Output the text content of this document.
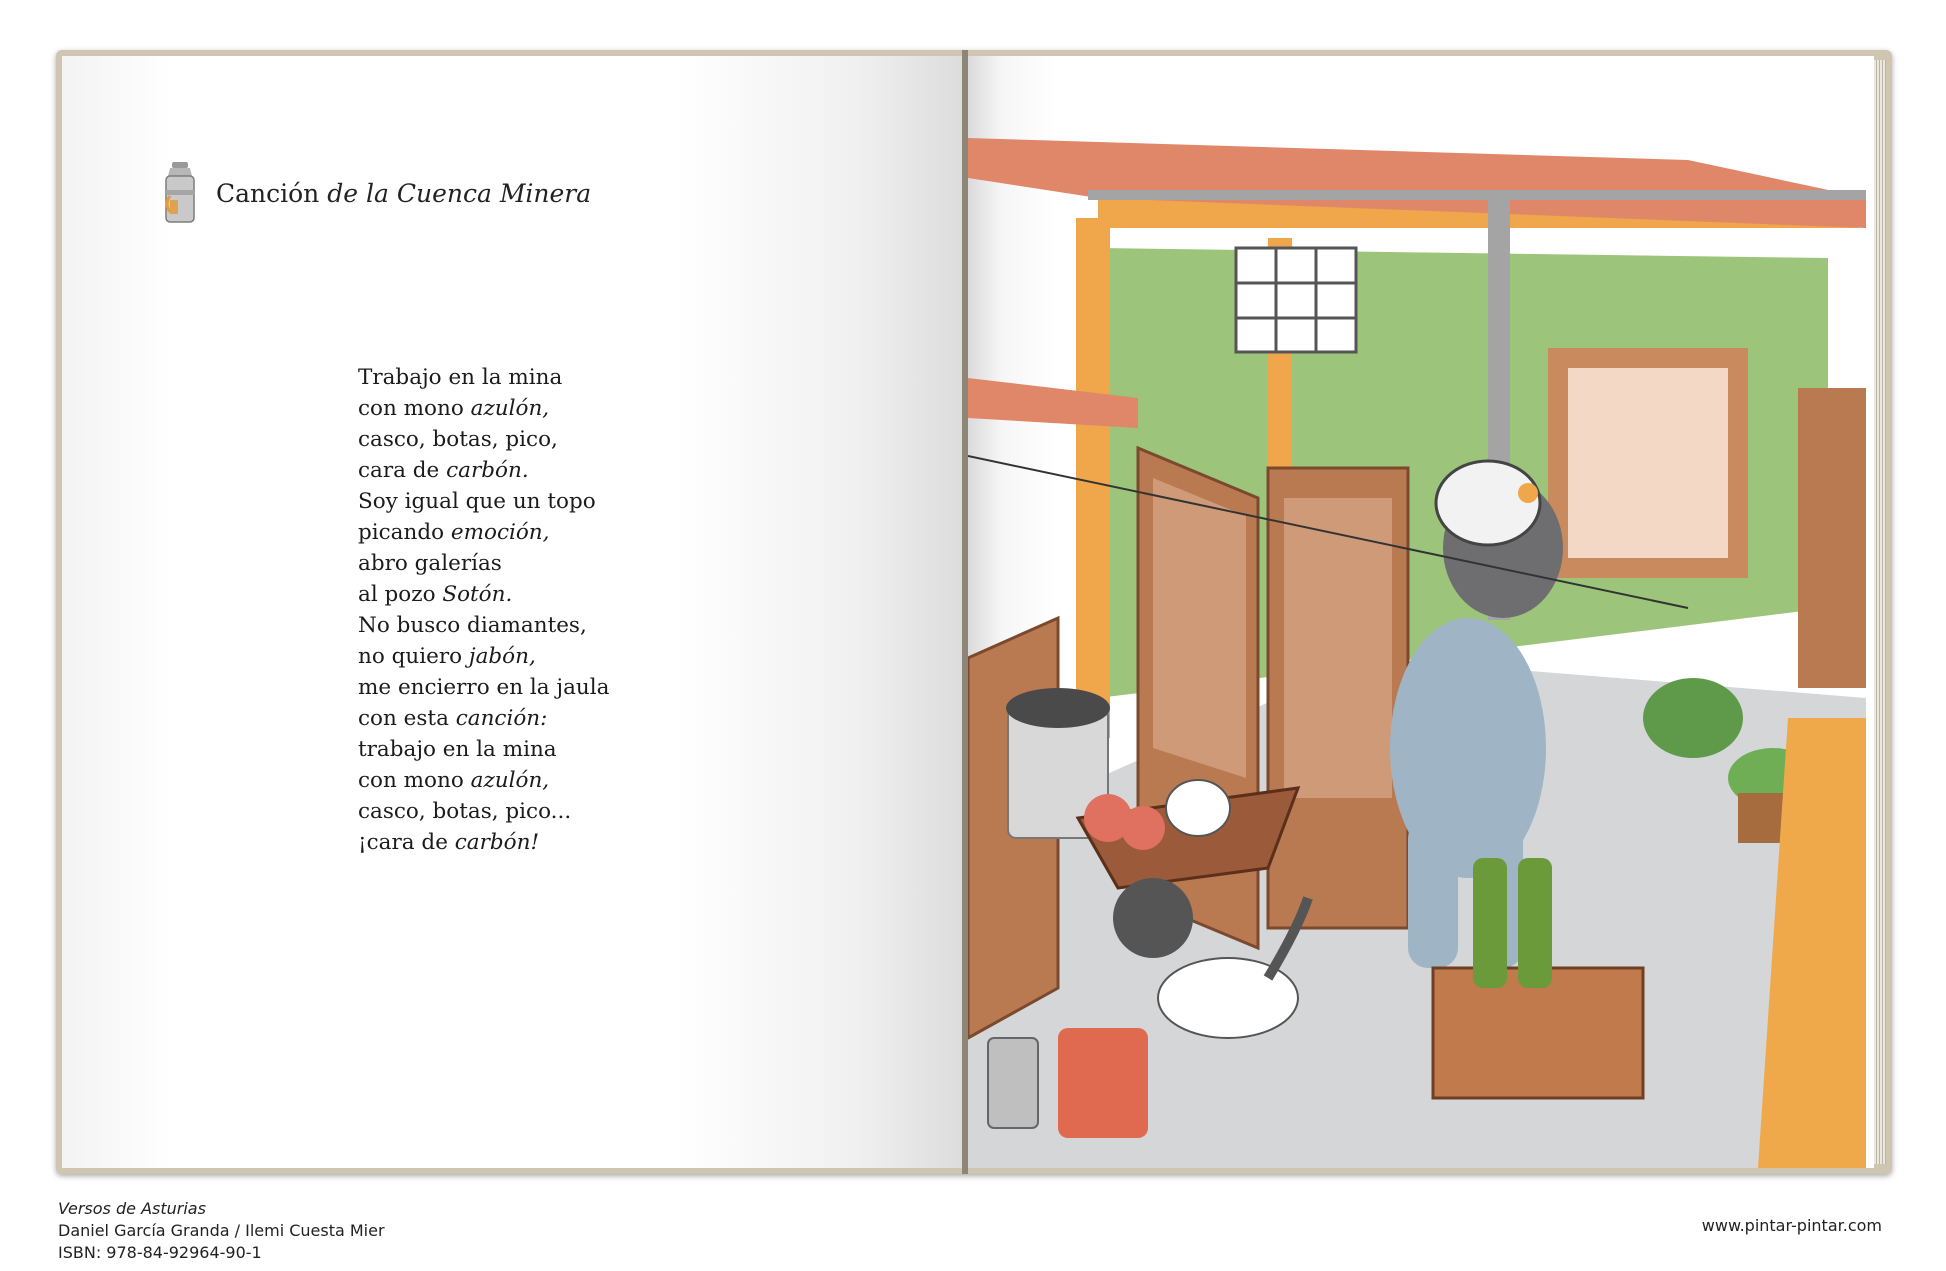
Canción de la Cuenca Minera
Trabajo en la mina
con mono azulón,
casco, botas, pico,
cara de carbón.
Soy igual que un topo
picando emoción,
abro galerías
al pozo Sotón.
No busco diamantes,
no quiero jabón,
me encierro en la jaula
con esta canción:
trabajo en la mina
con mono azulón,
casco, botas, pico...
¡cara de carbón!
Versos de Asturias
Daniel García Granda / Ilemi Cuesta Mier
ISBN: 978-84-92964-90-1
www.pintar-pintar.com
